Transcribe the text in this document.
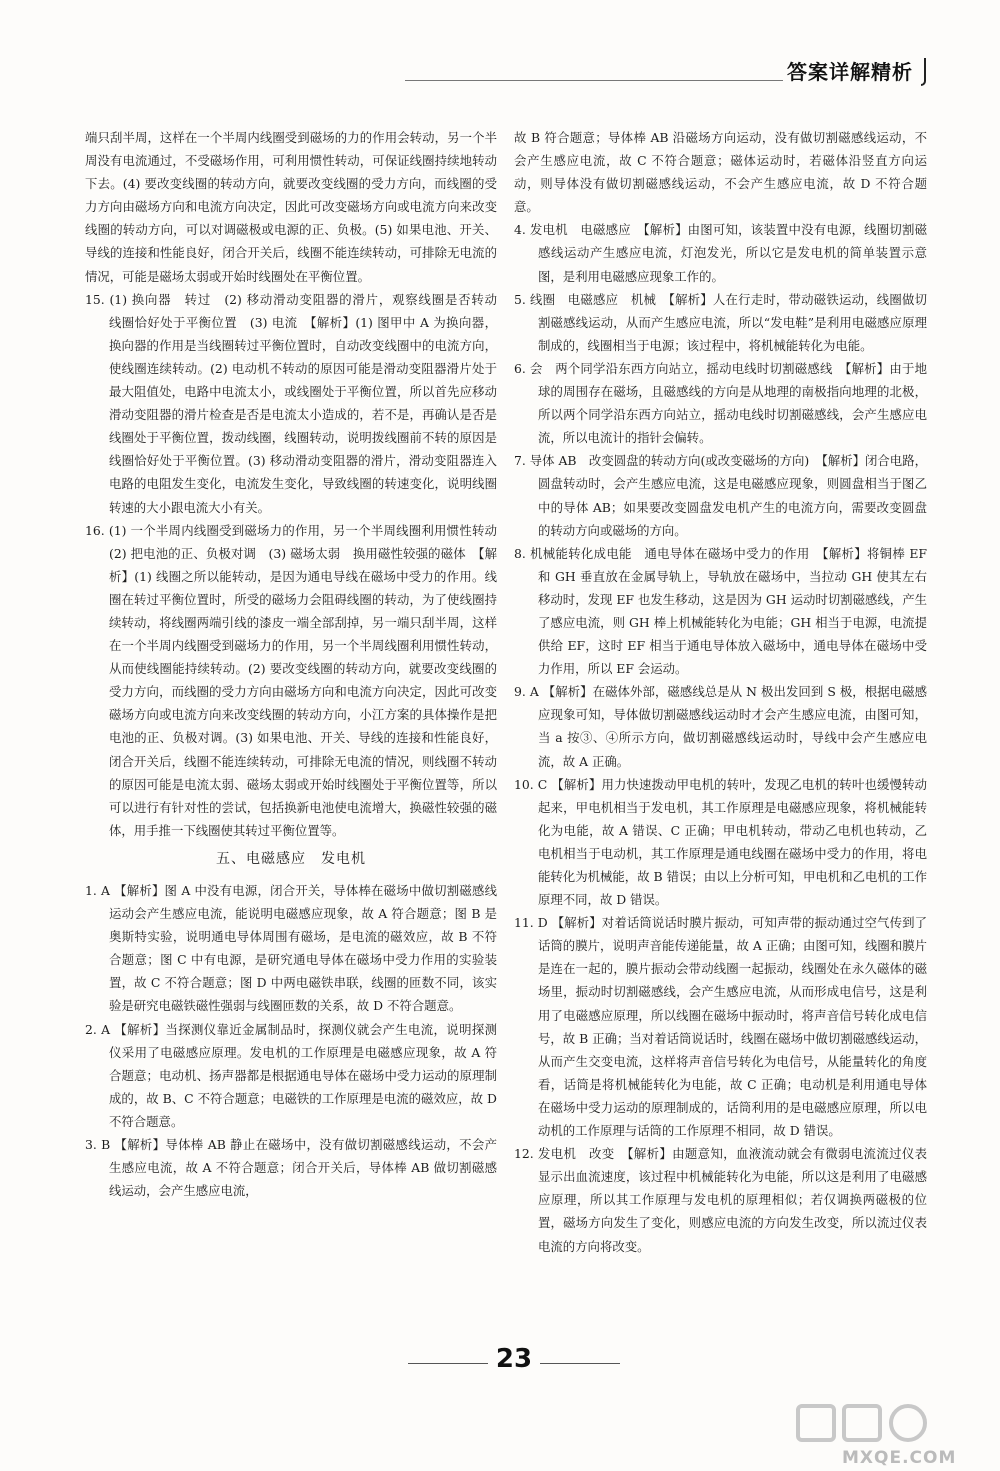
答案详解精析

端只刮半周，这样在一个半周内线圈受到磁场的力的作用会转动，另一个半周没有电流通过，不受磁场作用，可利用惯性转动，可保证线圈持续地转动下去。(4) 要改变线圈的转动方向，就要改变线圈的受力方向，而线圈的受力方向由磁场方向和电流方向决定，因此可改变磁场方向或电流方向来改变线圈的转动方向，可以对调磁极或电源的正、负极。(5) 如果电池、开关、导线的连接和性能良好，闭合开关后，线圈不能连续转动，可排除无电流的情况，可能是磁场太弱或开始时线圈处在平衡位置。

15. (1) 换向器　转过　(2) 移动滑动变阻器的滑片，观察线圈是否转动　线圈恰好处于平衡位置　(3) 电流　【解析】(1) 图甲中 A 为换向器，换向器的作用是当线圈转过平衡位置时，自动改变线圈中的电流方向，使线圈连续转动。(2) 电动机不转动的原因可能是滑动变阻器滑片处于最大阻值处，电路中电流太小，或线圈处于平衡位置，所以首先应移动滑动变阻器的滑片检查是否是电流太小造成的，若不是，再确认是否是线圈处于平衡位置，拨动线圈，线圈转动，说明拨线圈前不转的原因是线圈恰好处于平衡位置。(3) 移动滑动变阻器的滑片，滑动变阻器连入电路的电阻发生变化，电流发生变化，导致线圈的转速变化，说明线圈转速的大小跟电流大小有关。

16. (1) 一个半周内线圈受到磁场力的作用，另一个半周线圈利用惯性转动　(2) 把电池的正、负极对调　(3) 磁场太弱　换用磁性较强的磁体　【解析】(1) 线圈之所以能转动，是因为通电导线在磁场中受力的作用。线圈在转过平衡位置时，所受的磁场力会阻碍线圈的转动，为了使线圈持续转动，将线圈两端引线的漆皮一端全部刮掉，另一端只刮半周，这样在一个半周内线圈受到磁场力的作用，另一个半周线圈利用惯性转动，从而使线圈能持续转动。(2) 要改变线圈的转动方向，就要改变线圈的受力方向，而线圈的受力方向由磁场方向和电流方向决定，因此可改变磁场方向或电流方向来改变线圈的转动方向，小江方案的具体操作是把电池的正、负极对调。(3) 如果电池、开关、导线的连接和性能良好，闭合开关后，线圈不能连续转动，可排除无电流的情况，则线圈不转动的原因可能是电流太弱、磁场太弱或开始时线圈处于平衡位置等，所以可以进行有针对性的尝试，包括换新电池使电流增大，换磁性较强的磁体，用手推一下线圈使其转过平衡位置等。

五、电磁感应　发电机

1. A 【解析】图 A 中没有电源，闭合开关，导体棒在磁场中做切割磁感线运动会产生感应电流，能说明电磁感应现象，故 A 符合题意；图 B 是奥斯特实验，说明通电导体周围有磁场，是电流的磁效应，故 B 不符合题意；图 C 中有电源，是研究通电导体在磁场中受力作用的实验装置，故 C 不符合题意；图 D 中两电磁铁串联，线圈的匝数不同，该实验是研究电磁铁磁性强弱与线圈匝数的关系，故 D 不符合题意。

2. A 【解析】当探测仪靠近金属制品时，探测仪就会产生电流，说明探测仪采用了电磁感应原理。发电机的工作原理是电磁感应现象，故 A 符合题意；电动机、扬声器都是根据通电导体在磁场中受力运动的原理制成的，故 B、C 不符合题意；电磁铁的工作原理是电流的磁效应，故 D 不符合题意。

3. B 【解析】导体棒 AB 静止在磁场中，没有做切割磁感线运动，不会产生感应电流，故 A 不符合题意；闭合开关后，导体棒 AB 做切割磁感线运动，会产生感应电流，

故 B 符合题意；导体棒 AB 沿磁场方向运动，没有做切割磁感线运动，不会产生感应电流，故 C 不符合题意；磁体运动时，若磁体沿竖直方向运动，则导体没有做切割磁感线运动，不会产生感应电流，故 D 不符合题意。

4. 发电机　电磁感应　【解析】由图可知，该装置中没有电源，线圈切割磁感线运动产生感应电流，灯泡发光，所以它是发电机的简单装置示意图，是利用电磁感应现象工作的。

5. 线圈　电磁感应　机械　【解析】人在行走时，带动磁铁运动，线圈做切割磁感线运动，从而产生感应电流，所以“发电鞋”是利用电磁感应原理制成的，线圈相当于电源；该过程中，将机械能转化为电能。

6. 会　两个同学沿东西方向站立，摇动电线时切割磁感线　【解析】由于地球的周围存在磁场，且磁感线的方向是从地理的南极指向地理的北极，所以两个同学沿东西方向站立，摇动电线时切割磁感线，会产生感应电流，所以电流计的指针会偏转。

7. 导体 AB　改变圆盘的转动方向(或改变磁场的方向)　【解析】闭合电路，圆盘转动时，会产生感应电流，这是电磁感应现象，则圆盘相当于图乙中的导体 AB；如果要改变圆盘发电机产生的电流方向，需要改变圆盘的转动方向或磁场的方向。

8. 机械能转化成电能　通电导体在磁场中受力的作用　【解析】将铜棒 EF 和 GH 垂直放在金属导轨上，导轨放在磁场中，当拉动 GH 使其左右移动时，发现 EF 也发生移动，这是因为 GH 运动时切割磁感线，产生了感应电流，则 GH 棒上机械能转化为电能；GH 相当于电源，电流提供给 EF，这时 EF 相当于通电导体放入磁场中，通电导体在磁场中受力作用，所以 EF 会运动。

9. A 【解析】在磁体外部，磁感线总是从 N 极出发回到 S 极，根据电磁感应现象可知，导体做切割磁感线运动时才会产生感应电流，由图可知，当 a 按③、④所示方向，做切割磁感线运动时，导线中会产生感应电流，故 A 正确。

10. C 【解析】用力快速拨动甲电机的转叶，发现乙电机的转叶也缓慢转动起来，甲电机相当于发电机，其工作原理是电磁感应现象，将机械能转化为电能，故 A 错误、C 正确；甲电机转动，带动乙电机也转动，乙电机相当于电动机，其工作原理是通电线圈在磁场中受力的作用，将电能转化为机械能，故 B 错误；由以上分析可知，甲电机和乙电机的工作原理不同，故 D 错误。

11. D 【解析】对着话筒说话时膜片振动，可知声带的振动通过空气传到了话筒的膜片，说明声音能传递能量，故 A 正确；由图可知，线圈和膜片是连在一起的，膜片振动会带动线圈一起振动，线圈处在永久磁体的磁场里，振动时切割磁感线，会产生感应电流，从而形成电信号，这是利用了电磁感应原理，所以线圈在磁场中振动时，将声音信号转化成电信号，故 B 正确；当对着话筒说话时，线圈在磁场中做切割磁感线运动，从而产生交变电流，这样将声音信号转化为电信号，从能量转化的角度看，话筒是将机械能转化为电能，故 C 正确；电动机是利用通电导体在磁场中受力运动的原理制成的，话筒利用的是电磁感应原理，所以电动机的工作原理与话筒的工作原理不相同，故 D 错误。

12. 发电机　改变　【解析】由题意知，血液流动就会有微弱电流流过仪表显示出血流速度，该过程中机械能转化为电能，所以这是利用了电磁感应原理，所以其工作原理与发电机的原理相似；若仅调换两磁极的位置，磁场方向发生了变化，则感应电流的方向发生改变，所以流过仪表电流的方向将改变。

23
MXQE.COM
